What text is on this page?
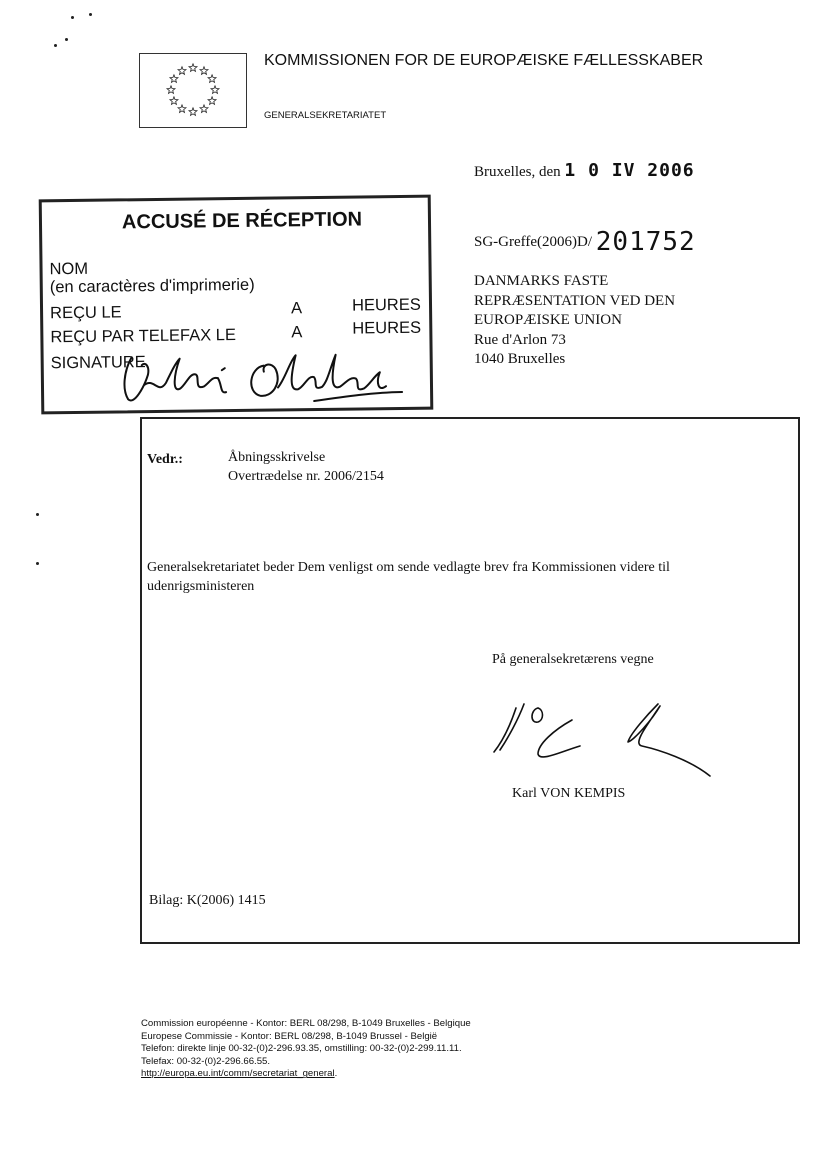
KOMMISSIONEN FOR DE EUROPÆISKE FÆLLESSKABER
GENERALSEKRETARIATET
Bruxelles, den 1 0 IV 2006
SG-Greffe(2006)D/ 201752
DANMARKS FASTE
REPRÆSENTATION VED DEN
EUROPÆISKE UNION
Rue d'Arlon 73
1040 Bruxelles
ACCUSÉ DE RÉCEPTION
NOM
(en caractères d'imprimerie)
REÇU LE	A	HEURES
REÇU PAR TELEFAX LE	A	HEURES
SIGNATURE
Vedr.:	Åbningsskrivelse
Overtrædelse nr. 2006/2154
Generalsekretariatet beder Dem venligst om sende vedlagte brev fra Kommissionen videre til udenrigsministeren
På generalsekretærens vegne
Karl VON KEMPIS
Bilag: K(2006) 1415
Commission européenne - Kontor: BERL 08/298, B-1049 Bruxelles - Belgique
Europese Commissie - Kontor: BERL 08/298, B-1049 Brussel - België
Telefon: direkte linje 00-32-(0)2-296.93.35, omstilling: 00-32-(0)2-299.11.11.
Telefax: 00-32-(0)2-296.66.55.
http://europa.eu.int/comm/secretariat_general.
